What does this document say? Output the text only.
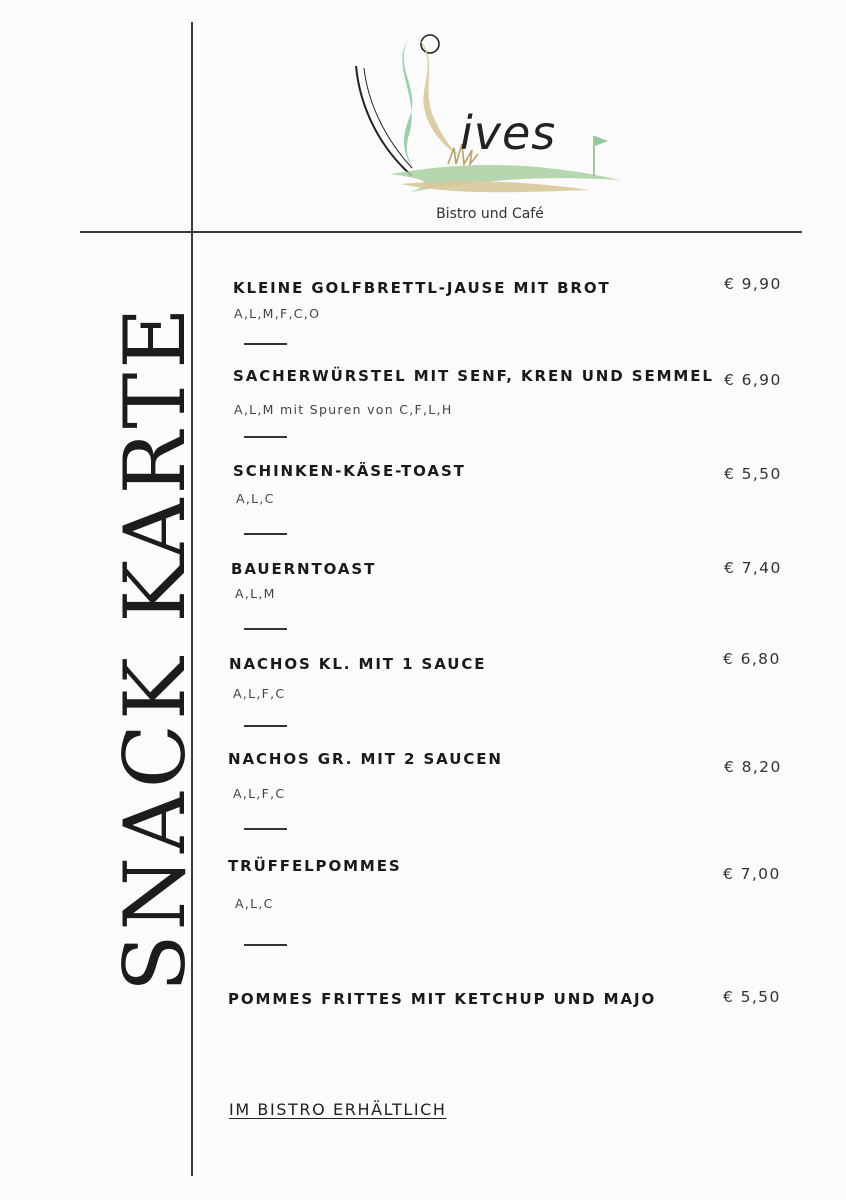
ives
Bistro und Café
SNACK KARTE
KLEINE GOLFBRETTL-JAUSE MIT BROT	€ 9,90
A,L,M,F,C,O
SACHERWÜRSTEL MIT SENF, KREN UND SEMMEL € 6,90
A,L,M mit Spuren von C,F,L,H
SCHINKEN-KÄSE-TOAST	€ 5,50
A,L,C
BAUERNTOAST	€ 7,40
A,L,M
NACHOS KL. MIT 1 SAUCE	€ 6,80
A,L,F,C
NACHOS GR. MIT 2 SAUCEN	€ 8,20
A,L,F,C
TRÜFFELPOMMES	€ 7,00
A,L,C
POMMES FRITTES MIT KETCHUP UND MAJO	€ 5,50
IM BISTRO ERHÄLTLICH
